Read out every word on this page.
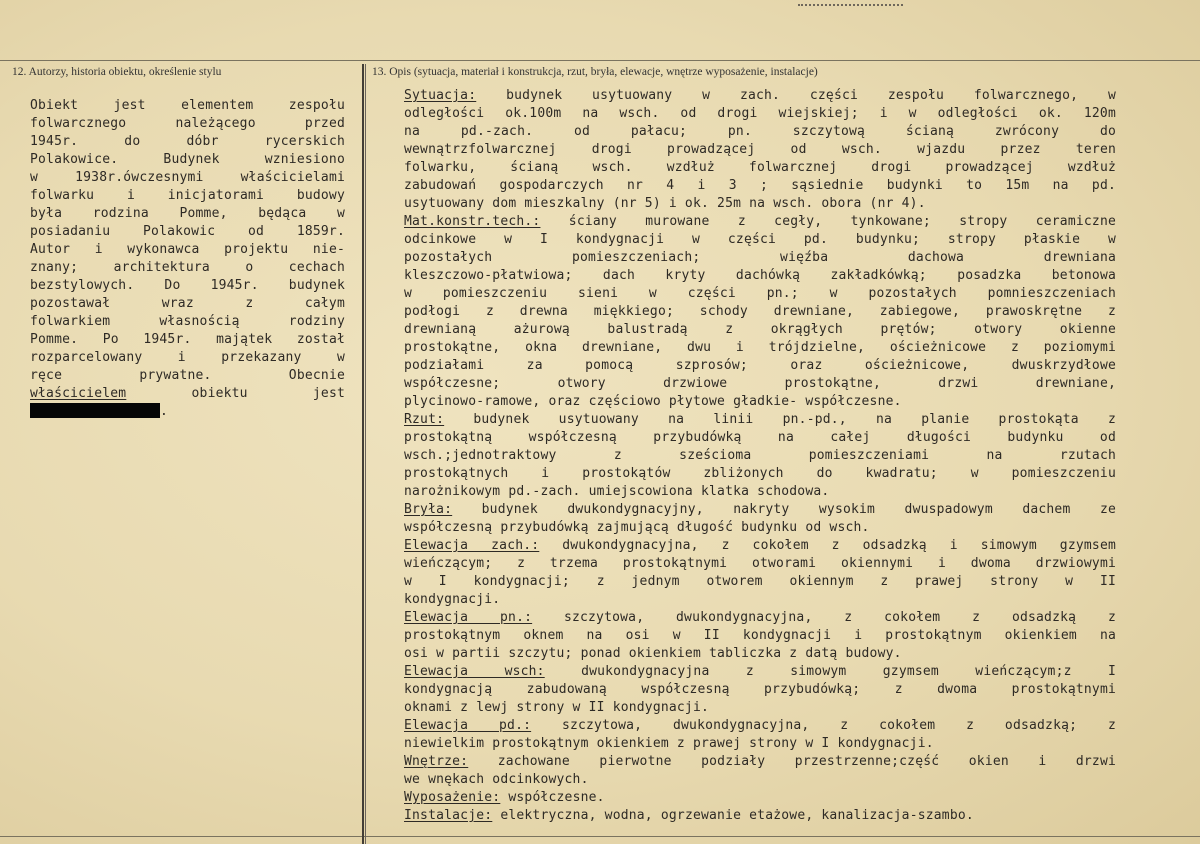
12. Autorzy, historia obiektu, określenie stylu	13. Opis (sytuacja, materiał i konstrukcja, rzut, bryła, elewacje, wnętrze wyposażenie, instalacje)
Obiekt jest elementem zespołu
folwarcznego należącego przed
1945r. do dóbr rycerskich
Polakowice. Budynek wzniesiono
w 1938r.ówczesnymi właścicielami
folwarku i inicjatorami budowy
była rodzina Pomme, będąca w
posiadaniu Polakowic od 1859r.
Autor i wykonawca projektu nie-
znany; architektura o cechach
bezstylowych. Do 1945r. budynek
pozostawał wraz z całym
folwarkiem własnością rodziny
Pomme. Po 1945r. majątek został
rozparcelowany i przekazany w
ręce prywatne. Obecnie
właścicielem	obiektu jest
.
Sytuacja: budynek usytuowany w zach. części zespołu folwarcznego, w
odległości ok.100m na wsch. od drogi wiejskiej; i w odległości ok. 120m
na pd.-zach. od pałacu; pn. szczytową ścianą zwrócony do
wewnątrzfolwarcznej drogi prowadzącej od wsch. wjazdu przez teren
folwarku, ścianą wsch. wzdłuż folwarcznej drogi prowadzącej wzdłuż
zabudowań gospodarczych nr 4 i 3 ; sąsiednie budynki to 15m na pd.
usytuowany dom mieszkalny (nr 5) i ok. 25m na wsch. obora (nr 4).
Mat.konstr.tech.: ściany murowane z cegły, tynkowane; stropy ceramiczne
odcinkowe w I kondygnacji w części pd. budynku; stropy płaskie w
pozostałych pomieszczeniach; więźba dachowa drewniana
kleszczowo-płatwiowa; dach kryty dachówką zakładkówką; posadzka betonowa
w pomieszczeniu sieni w części pn.; w pozostałych pomnieszczeniach
podłogi z drewna miękkiego; schody drewniane, zabiegowe, prawoskrętne z
drewnianą ażurową balustradą z okrągłych prętów; otwory okienne
prostokątne, okna drewniane, dwu i trójdzielne, ościeżnicowe z poziomymi
podziałami za pomocą szprosów; oraz ościeżnicowe, dwuskrzydłowe
współczesne; otwory drzwiowe prostokątne, drzwi drewniane,
plycinowo-ramowe, oraz częściowo płytowe gładkie- współczesne.
Rzut: budynek usytuowany na linii pn.-pd., na planie prostokąta z
prostokątną współczesną przybudówką na całej długości budynku od
wsch.;jednotraktowy z sześcioma pomieszczeniami na rzutach
prostokątnych i prostokątów zbliżonych do kwadratu; w pomieszczeniu
narożnikowym pd.-zach. umiejscowiona klatka schodowa.
Bryła: budynek dwukondygnacyjny, nakryty wysokim dwuspadowym dachem ze
współczesną przybudówką zajmującą długość budynku od wsch.
Elewacja zach.: dwukondygnacyjna, z cokołem z odsadzką i simowym gzymsem
wieńczącym; z trzema prostokątnymi otworami okiennymi i dwoma drzwiowymi
w I kondygnacji; z jednym otworem okiennym z prawej strony w II
kondygnacji.
Elewacja pn.: szczytowa, dwukondygnacyjna, z cokołem z odsadzką z
prostokątnym oknem na osi w II kondygnacji i prostokątnym okienkiem na
osi w partii szczytu; ponad okienkiem tabliczka z datą budowy.
Elewacja wsch:	dwukondygnacyjna z simowym gzymsem wieńczącym;z I
kondygnacją zabudowaną współczesną przybudówką; z dwoma prostokątnymi
oknami z lewj strony w II kondygnacji.
Elewacja pd.: szczytowa, dwukondygnacyjna, z cokołem z odsadzką; z
niewielkim prostokątnym okienkiem z prawej strony w I kondygnacji.
Wnętrze: zachowane pierwotne podziały przestrzenne;część okien i drzwi
we wnękach odcinkowych.
Wyposażenie: współczesne.
Instalacje: elektryczna, wodna, ogrzewanie etażowe, kanalizacja-szambo.
